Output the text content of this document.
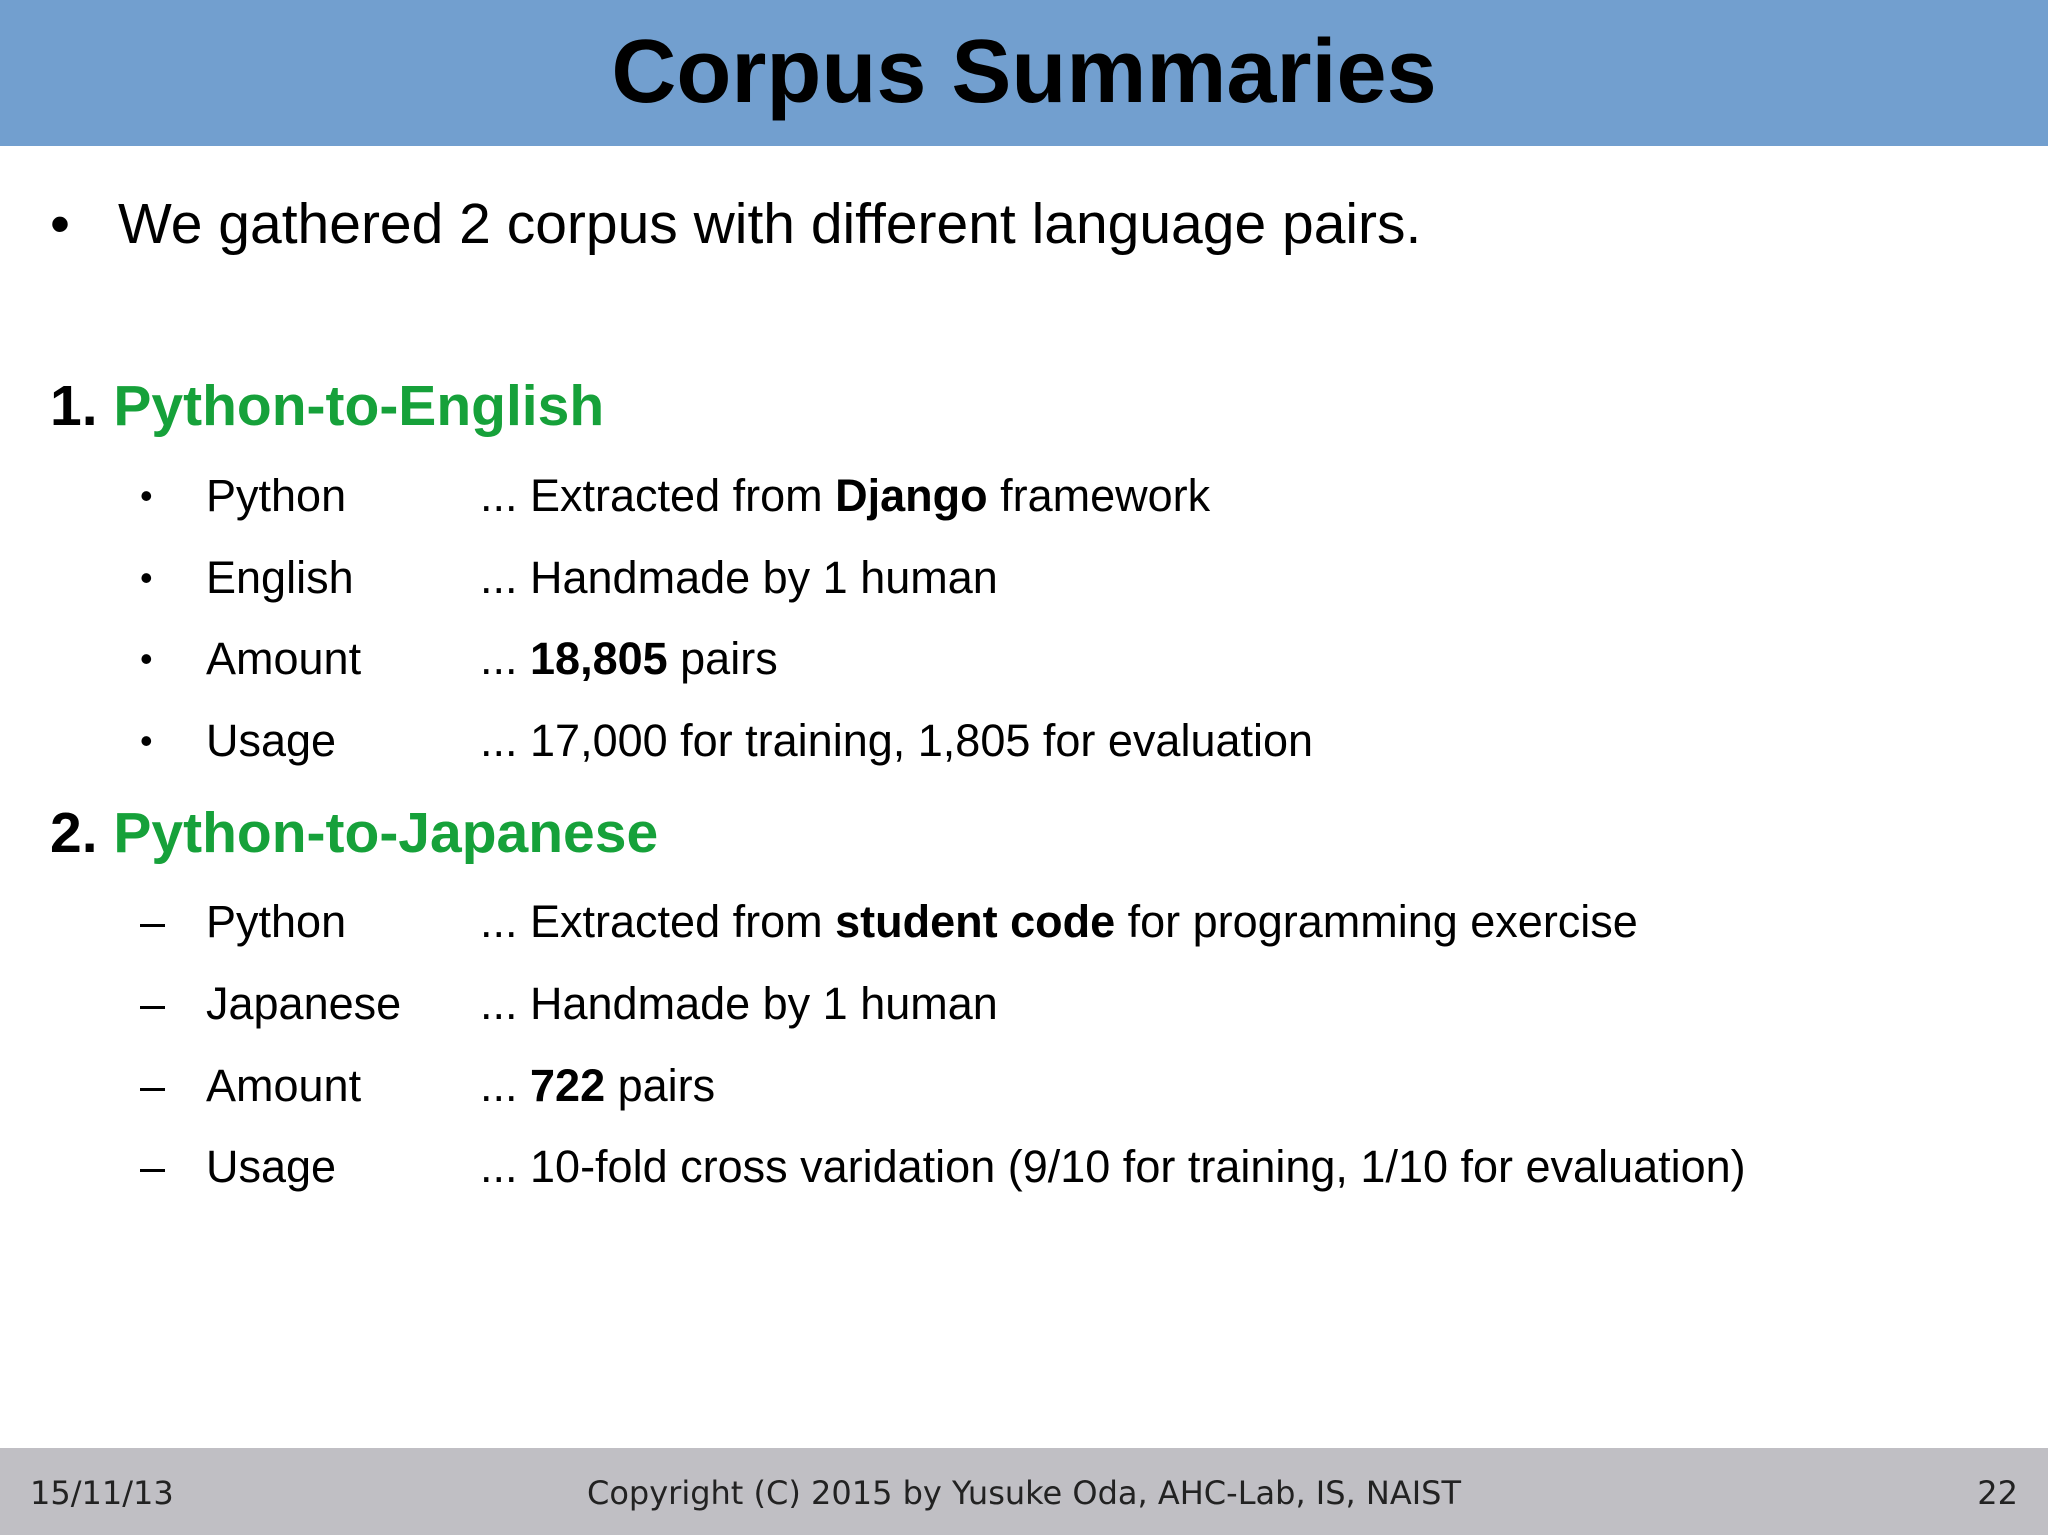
Corpus Summaries
• We gathered 2 corpus with different language pairs.
1. Python-to-English
•	Python	... Extracted from Django framework
•	English	... Handmade by 1 human
•	Amount	... 18,805 pairs
•	Usage	... 17,000 for training, 1,805 for evaluation
2. Python-to-Japanese
– Python	... Extracted from student code for programming exercise
– Japanese	... Handmade by 1 human
– Amount	... 722 pairs
– Usage	... 10-fold cross varidation (9/10 for training, 1/10 for evaluation)
15/11/13	Copyright (C) 2015 by Yusuke Oda, AHC-Lab, IS, NAIST	22
